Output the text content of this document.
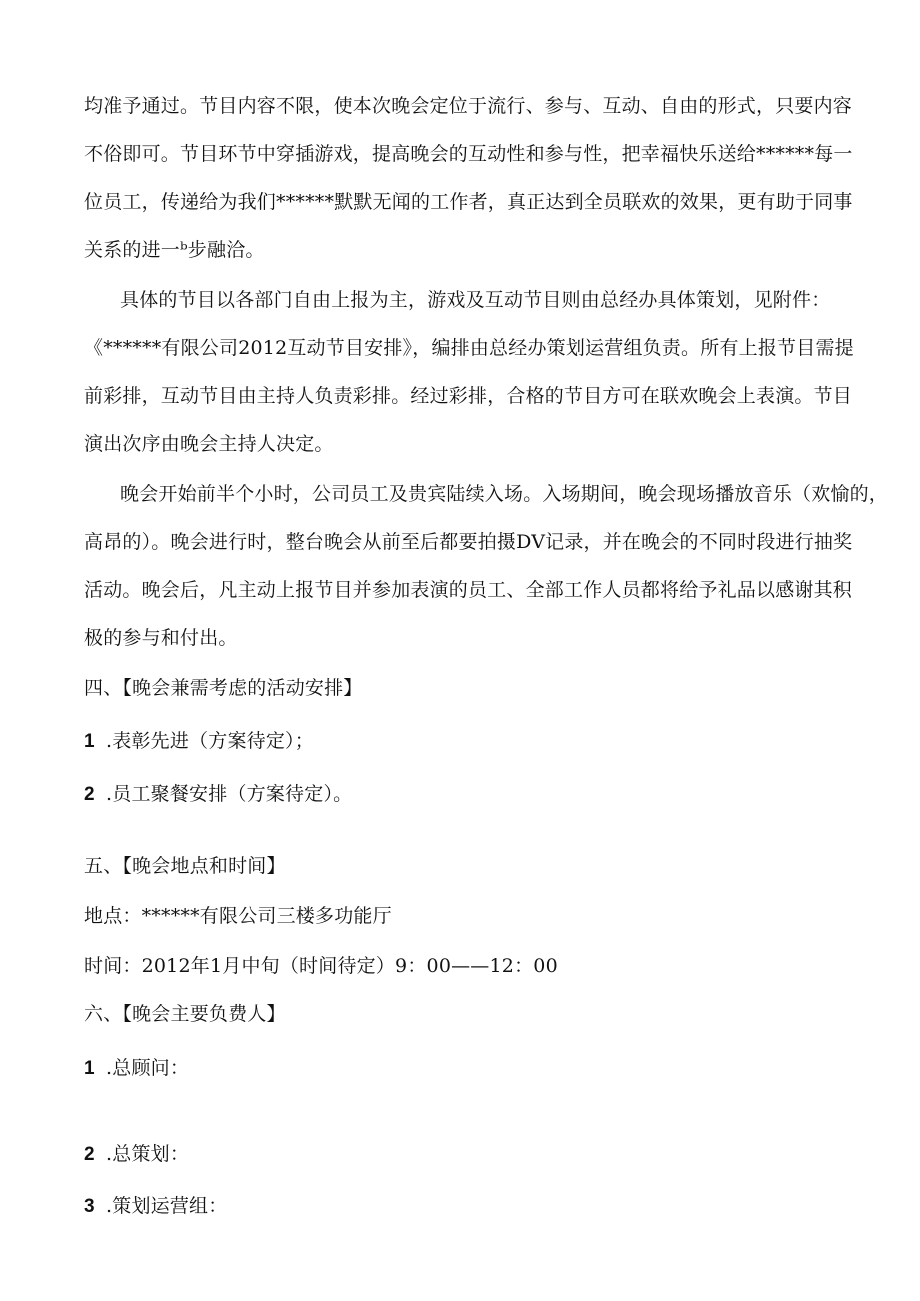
均准予通过。节目内容不限，使本次晚会定位于流行、参与、互动、自由的形式，只要内容
不俗即可。节目环节中穿插游戏，提高晚会的互动性和参与性，把幸福快乐送给******每一
位员工，传递给为我们******默默无闻的工作者，真正达到全员联欢的效果，更有助于同事
关系的进一ᵇ步融洽。
具体的节目以各部门自由上报为主，游戏及互动节目则由总经办具体策划，见附件：
《******有限公司2012互动节目安排》，编排由总经办策划运营组负责。所有上报节目需提
前彩排，互动节目由主持人负责彩排。经过彩排，合格的节目方可在联欢晚会上表演。节目
演出次序由晚会主持人决定。
晚会开始前半个小时，公司员工及贵宾陆续入场。入场期间，晚会现场播放音乐（欢愉的，
高昂的）。晚会进行时，整台晚会从前至后都要拍摄DV记录，并在晚会的不同时段进行抽奖
活动。晚会后，凡主动上报节目并参加表演的员工、全部工作人员都将给予礼品以感谢其积
极的参与和付出。
四、【晚会兼需考虑的活动安排】
1 .表彰先进（方案待定）；
2 .员工聚餐安排（方案待定）。
五、【晚会地点和时间】
地点：******有限公司三楼多功能厅
时间：2012年1月中旬（时间待定）9：00——12：00
六、【晚会主要负费人】
1 .总顾问：
2 .总策划：
3 .策划运营组：
